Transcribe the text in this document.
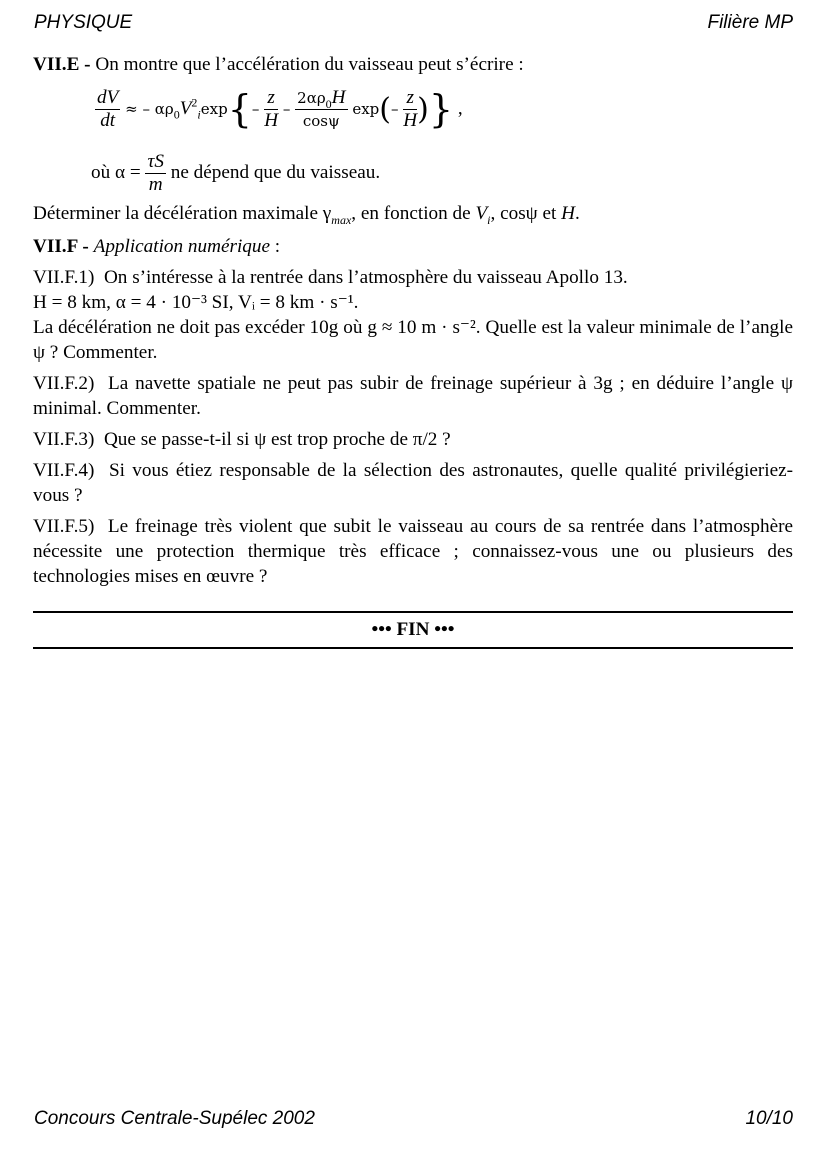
PHYSIQUE	Filière MP

VII.E - On montre que l’accélération du vaisseau peut s’écrire :

$\frac{dV}{dt}$ ≈ – $\alpha\rho_0V^2_i\exp\{- \frac{z}{H} - \frac{2\alpha\rho_0H}{\cos\psi} \exp(- \frac{z}{H}$ )} ,
où $\alpha = \frac{\tau S}{m}$ ne dépend que du vaisseau.

Déterminer la décélération maximale $\gamma_{max}$, en fonction de $V_i$, cosψ et H.

VII.F - Application numérique :

VII.F.1) On s’intéresse à la rentrée dans l’atmosphère du vaisseau Apollo 13.

H = 8 km, α = 4 · 10⁻³ SI, Vᵢ = 8 km · s⁻¹.

La décélération ne doit pas excéder 10g où g ≈ 10 m · s⁻². Quelle est la valeur minimale de l’angle ψ ? Commenter.

VII.F.2) La navette spatiale ne peut pas subir de freinage supérieur à 3g ; en déduire l’angle ψ minimal. Commenter.

VII.F.3) Que se passe-t-il si ψ est trop proche de π/2 ?

VII.F.4) Si vous étiez responsable de la sélection des astronautes, quelle qualité privilégieriez-vous ?

VII.F.5) Le freinage très violent que subit le vaisseau au cours de sa rentrée dans l’atmosphère nécessite une protection thermique très efficace ; connaissez-vous une ou plusieurs des technologies mises en œuvre ?

••• FIN •••
Concours Centrale-Supélec 2002	10/10
